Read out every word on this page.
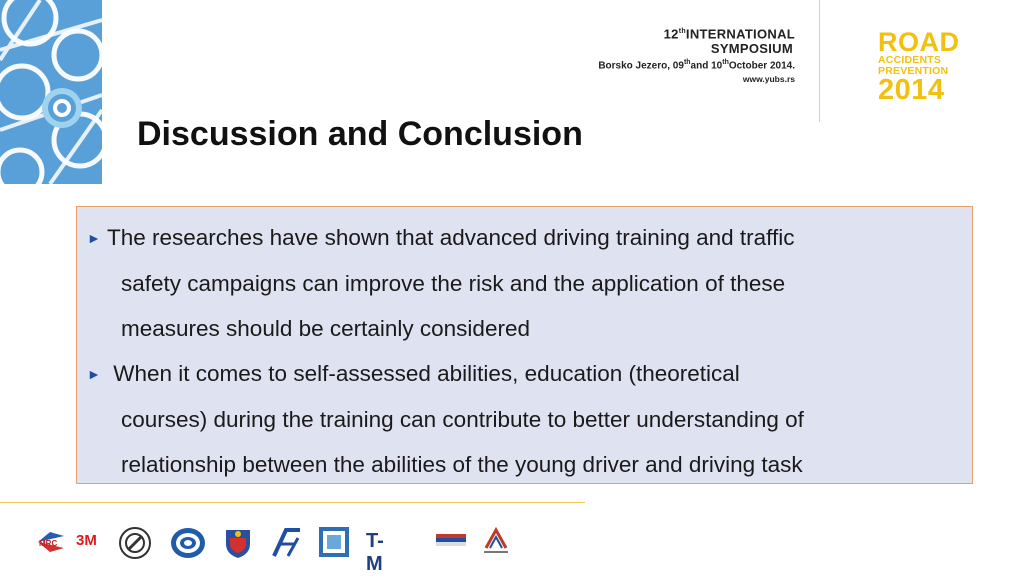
12thINTERNATIONAL
SYMPOSIUM
Borsko Jezero, 09thand 10thOctober 2014.
www.yubs.rs
ROAD
ACCIDENTS
PREVENTION
2014
Discussion and Conclusion
► The researches have shown that advanced driving training and traffic
safety campaigns can improve the risk and the application of these
measures should be certainly considered
► When it comes to self-assessed abilities, education (theoretical
courses) during the training can contribute to better understanding of
relationship between the abilities of the young driver and driving task
MRC 3M	T-M
